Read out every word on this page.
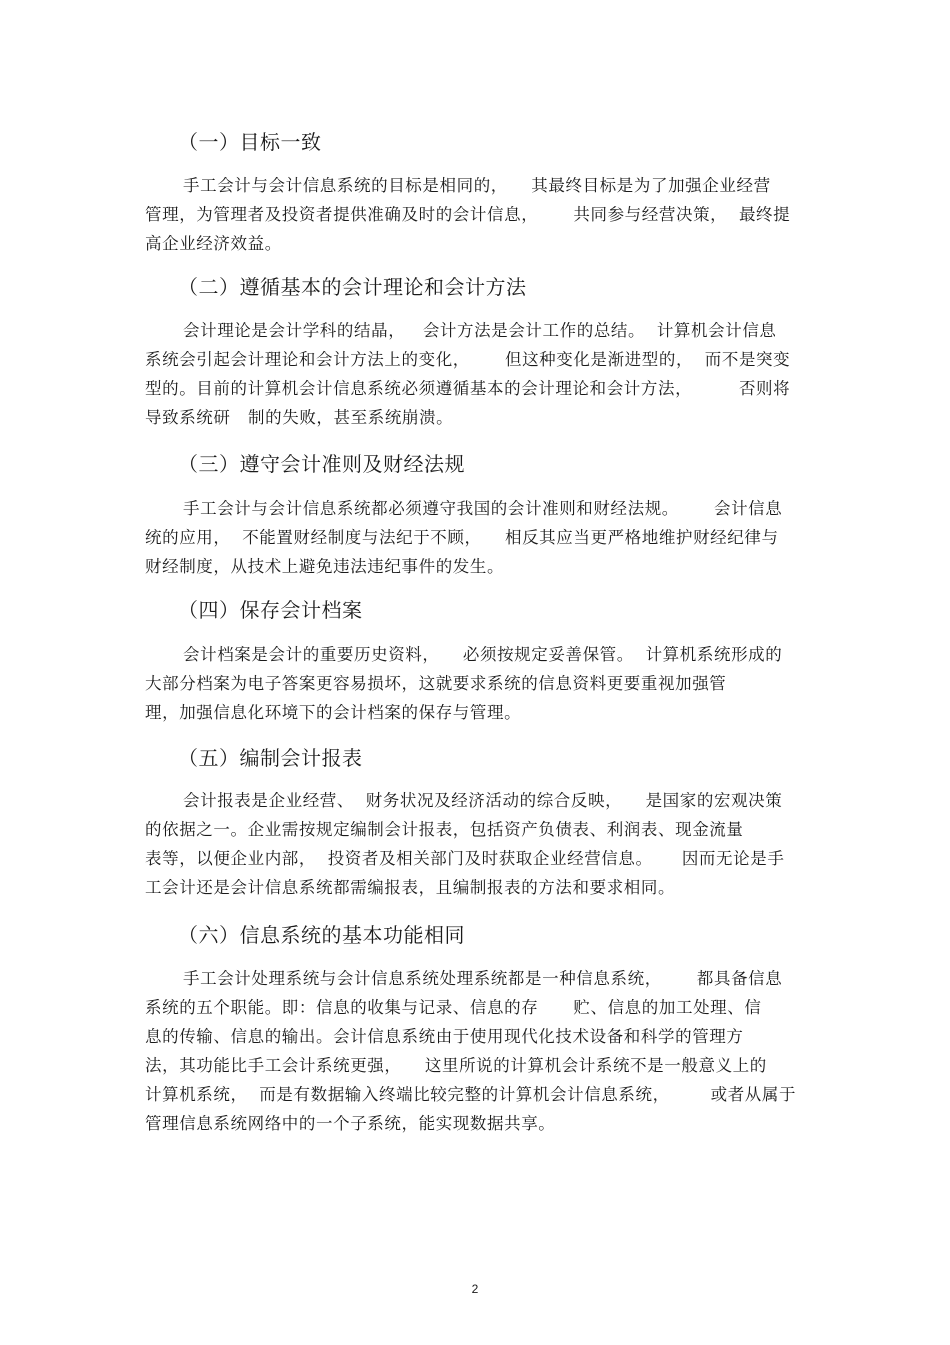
（一）目标一致
手工会计与会计信息系统的目标是相同的，    其最终目标是为了加强企业经营
管理，为管理者及投资者提供准确及时的会计信息，      共同参与经营决策，  最终提
高企业经济效益。
（二）遵循基本的会计理论和会计方法
会计理论是会计学科的结晶，   会计方法是会计工作的总结。  计算机会计信息
系统会引起会计理论和会计方法上的变化，      但这种变化是渐进型的，  而不是突变
型的。目前的计算机会计信息系统必须遵循基本的会计理论和会计方法，        否则将
导致系统研   制的失败，甚至系统崩溃。
（三）遵守会计准则及财经法规
手工会计与会计信息系统都必须遵守我国的会计准则和财经法规。      会计信息
统的应用，  不能置财经制度与法纪于不顾，    相反其应当更严格地维护财经纪律与
财经制度，从技术上避免违法违纪事件的发生。
（四）保存会计档案
会计档案是会计的重要历史资料，    必须按规定妥善保管。  计算机系统形成的
大部分档案为电子答案更容易损坏，这就要求系统的信息资料更要重视加强管
理，加强信息化环境下的会计档案的保存与管理。
（五）编制会计报表
会计报表是企业经营、  财务状况及经济活动的综合反映，    是国家的宏观决策
的依据之一。企业需按规定编制会计报表，包括资产负债表、利润表、现金流量
表等，以便企业内部，  投资者及相关部门及时获取企业经营信息。     因而无论是手
工会计还是会计信息系统都需编报表，且编制报表的方法和要求相同。
（六）信息系统的基本功能相同
手工会计处理系统与会计信息系统处理系统都是一种信息系统，      都具备信息
系统的五个职能。即：信息的收集与记录、信息的存      贮、信息的加工处理、信
息的传输、信息的输出。会计信息系统由于使用现代化技术设备和科学的管理方
法，其功能比手工会计系统更强，    这里所说的计算机会计系统不是一般意义上的
计算机系统，  而是有数据输入终端比较完整的计算机会计信息系统，       或者从属于
管理信息系统网络中的一个子系统，能实现数据共享。
2
